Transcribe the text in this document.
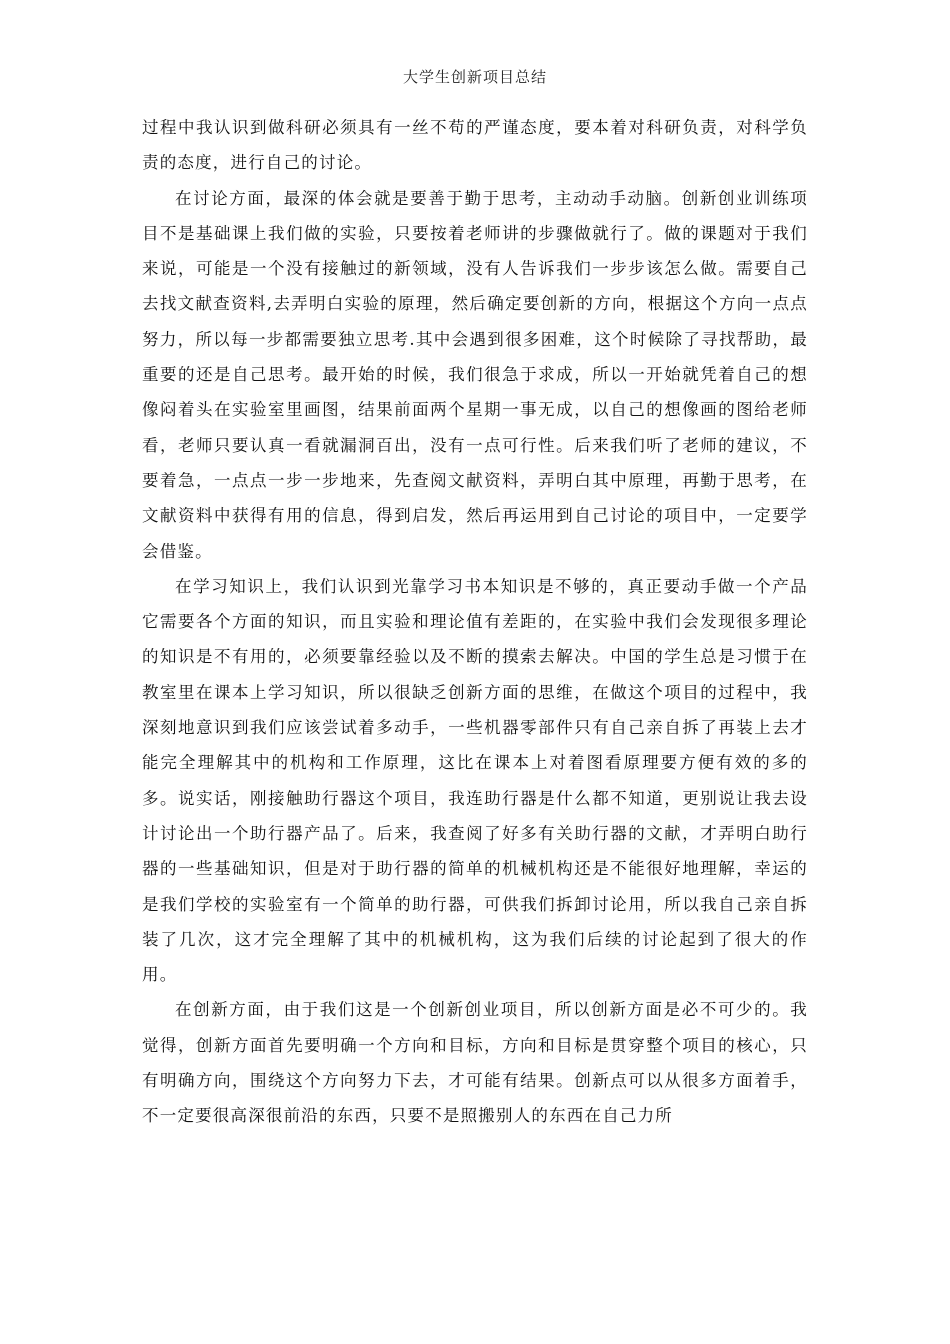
大学生创新项目总结

过程中我认识到做科研必须具有一丝不苟的严谨态度，要本着对科研负责，对科学负责的态度，进行自己的讨论。

在讨论方面，最深的体会就是要善于勤于思考，主动动手动脑。创新创业训练项目不是基础课上我们做的实验，只要按着老师讲的步骤做就行了。做的课题对于我们来说，可能是一个没有接触过的新领域，没有人告诉我们一步步该怎么做。需要自己去找文献查资料,去弄明白实验的原理，然后确定要创新的方向，根据这个方向一点点努力，所以每一步都需要独立思考.其中会遇到很多困难，这个时候除了寻找帮助，最重要的还是自己思考。最开始的时候，我们很急于求成，所以一开始就凭着自己的想像闷着头在实验室里画图，结果前面两个星期一事无成，以自己的想像画的图给老师看，老师只要认真一看就漏洞百出，没有一点可行性。后来我们听了老师的建议，不要着急，一点点一步一步地来，先查阅文献资料，弄明白其中原理，再勤于思考，在文献资料中获得有用的信息，得到启发，然后再运用到自己讨论的项目中，一定要学会借鉴。

在学习知识上，我们认识到光靠学习书本知识是不够的，真正要动手做一个产品它需要各个方面的知识，而且实验和理论值有差距的，在实验中我们会发现很多理论的知识是不有用的，必须要靠经验以及不断的摸索去解决。中国的学生总是习惯于在教室里在课本上学习知识，所以很缺乏创新方面的思维，在做这个项目的过程中，我深刻地意识到我们应该尝试着多动手，一些机器零部件只有自己亲自拆了再装上去才能完全理解其中的机构和工作原理，这比在课本上对着图看原理要方便有效的多的多。说实话，刚接触助行器这个项目，我连助行器是什么都不知道，更别说让我去设计讨论出一个助行器产品了。后来，我查阅了好多有关助行器的文献，才弄明白助行器的一些基础知识，但是对于助行器的简单的机械机构还是不能很好地理解，幸运的是我们学校的实验室有一个简单的助行器，可供我们拆卸讨论用，所以我自己亲自拆装了几次，这才完全理解了其中的机械机构，这为我们后续的讨论起到了很大的作用。

在创新方面，由于我们这是一个创新创业项目，所以创新方面是必不可少的。我觉得，创新方面首先要明确一个方向和目标，方向和目标是贯穿整个项目的核心，只有明确方向，围绕这个方向努力下去，才可能有结果。创新点可以从很多方面着手，不一定要很高深很前沿的东西，只要不是照搬别人的东西在自己力所
